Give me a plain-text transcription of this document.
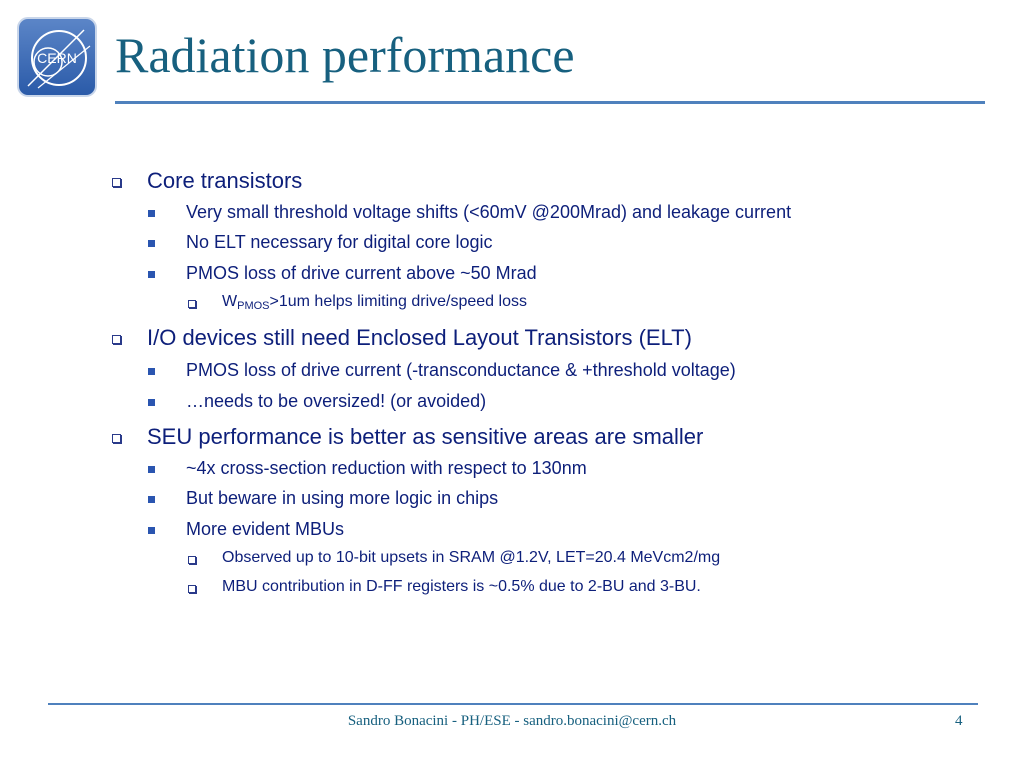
CERN Radiation performance
Core transistors
Very small threshold voltage shifts (<60mV @200Mrad) and leakage current
No ELT necessary for digital core logic
PMOS loss of drive current above ~50 Mrad
$W_{PMOS}>1um$ helps limiting drive/speed loss
I/O devices still need Enclosed Layout Transistors (ELT)
PMOS loss of drive current (-transconductance & +threshold voltage)
…needs to be oversized! (or avoided)
SEU performance is better as sensitive areas are smaller
~4x cross-section reduction with respect to 130nm
But beware in using more logic in chips
More evident MBUs
Observed up to 10-bit upsets in SRAM @1.2V, LET=20.4 MeVcm2/mg
MBU contribution in D-FF registers is ~0.5% due to 2-BU and 3-BU.
Sandro Bonacini - PH/ESE - sandro.bonacini@cern.ch	4
